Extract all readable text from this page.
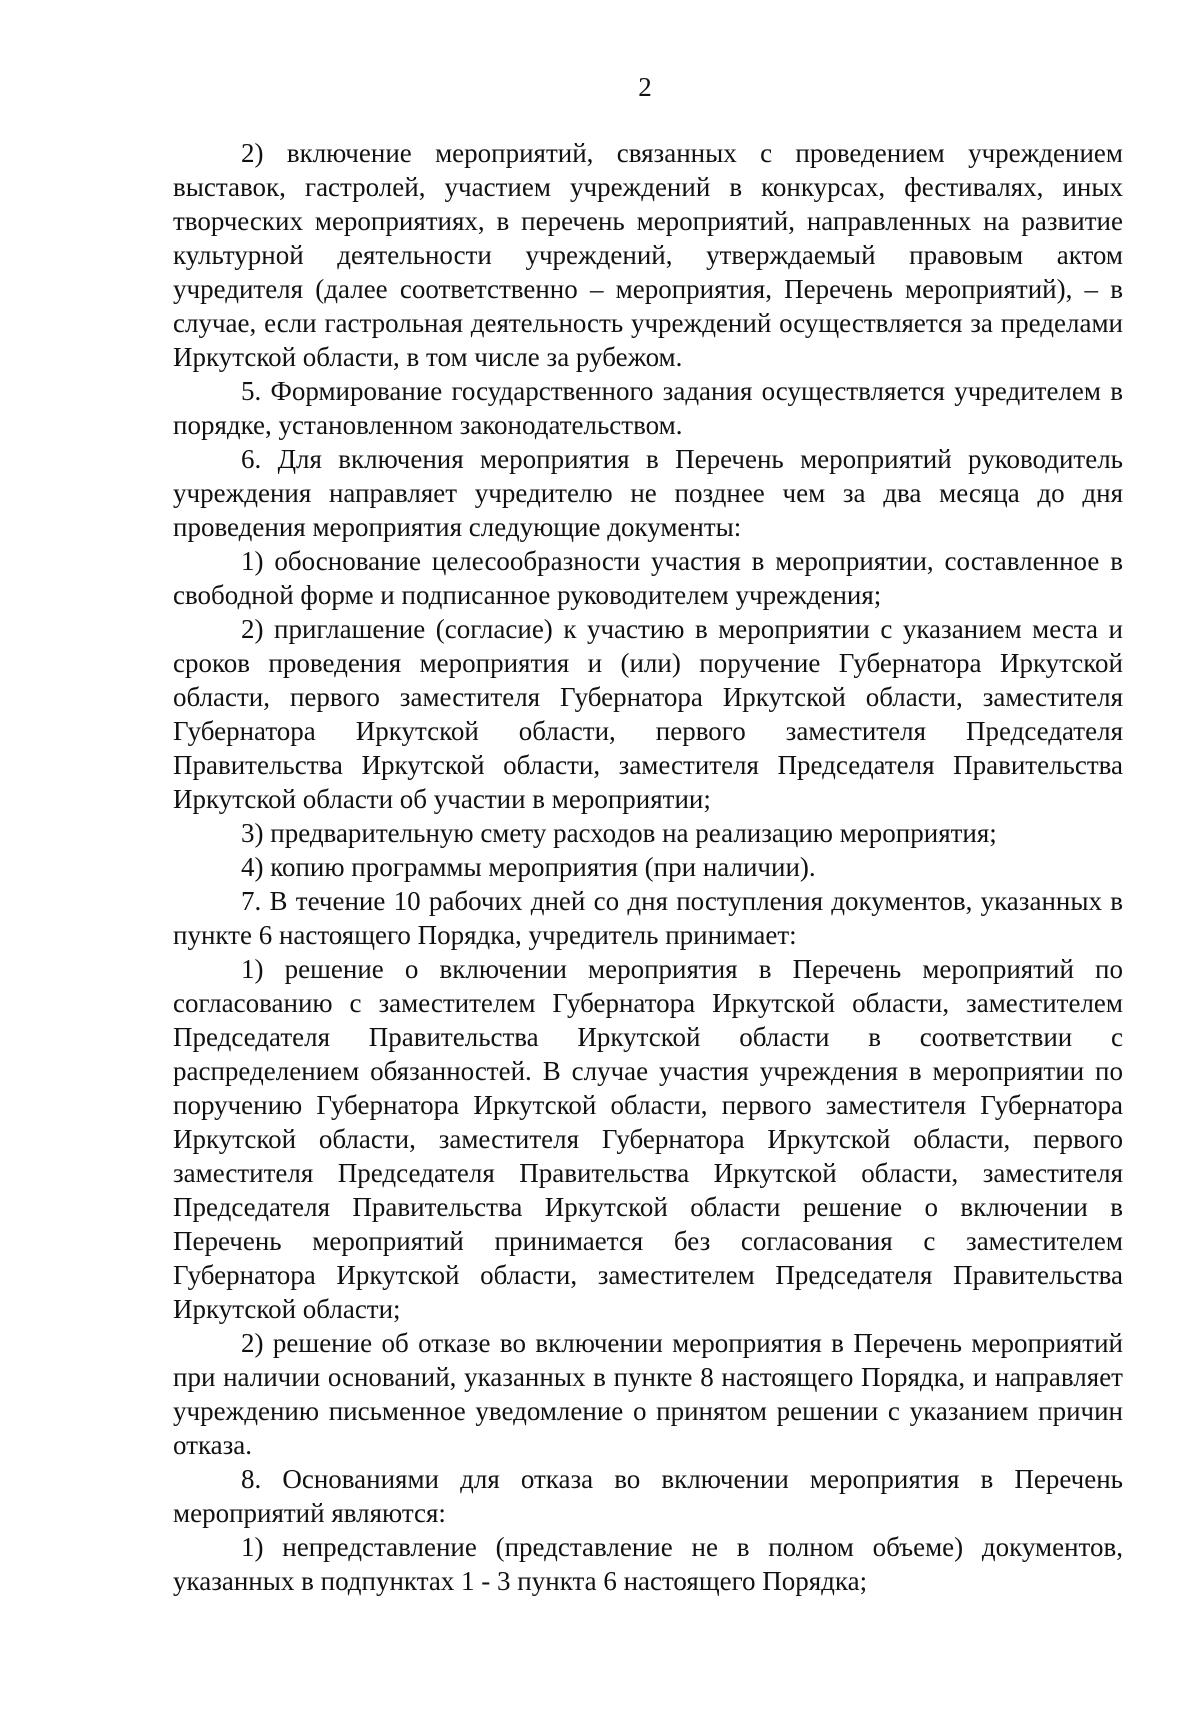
2

2) включение мероприятий, связанных с проведением учреждением выставок, гастролей, участием учреждений в конкурсах, фестивалях, иных творческих мероприятиях, в перечень мероприятий, направленных на развитие культурной деятельности учреждений, утверждаемый правовым актом учредителя (далее соответственно – мероприятия, Перечень мероприятий), – в случае, если гастрольная деятельность учреждений осуществляется за пределами Иркутской области, в том числе за рубежом.

5. Формирование государственного задания осуществляется учредителем в порядке, установленном законодательством.

6. Для включения мероприятия в Перечень мероприятий руководитель учреждения направляет учредителю не позднее чем за два месяца до дня проведения мероприятия следующие документы:

1) обоснование целесообразности участия в мероприятии, составленное в свободной форме и подписанное руководителем учреждения;

2) приглашение (согласие) к участию в мероприятии с указанием места и сроков проведения мероприятия и (или) поручение Губернатора Иркутской области, первого заместителя Губернатора Иркутской области, заместителя Губернатора Иркутской области, первого заместителя Председателя Правительства Иркутской области, заместителя Председателя Правительства Иркутской области об участии в мероприятии;

3) предварительную смету расходов на реализацию мероприятия;

4) копию программы мероприятия (при наличии).

7. В течение 10 рабочих дней со дня поступления документов, указанных в пункте 6 настоящего Порядка, учредитель принимает:

1) решение о включении мероприятия в Перечень мероприятий по согласованию с заместителем Губернатора Иркутской области, заместителем Председателя Правительства Иркутской области в соответствии с распределением обязанностей. В случае участия учреждения в мероприятии по поручению Губернатора Иркутской области, первого заместителя Губернатора Иркутской области, заместителя Губернатора Иркутской области, первого заместителя Председателя Правительства Иркутской области, заместителя Председателя Правительства Иркутской области решение о включении в Перечень мероприятий принимается без согласования с заместителем Губернатора Иркутской области, заместителем Председателя Правительства Иркутской области;

2) решение об отказе во включении мероприятия в Перечень мероприятий при наличии оснований, указанных в пункте 8 настоящего Порядка, и направляет учреждению письменное уведомление о принятом решении с указанием причин отказа.

8. Основаниями для отказа во включении мероприятия в Перечень мероприятий являются:

1) непредставление (представление не в полном объеме) документов, указанных в подпунктах 1 - 3 пункта 6 настоящего Порядка;
